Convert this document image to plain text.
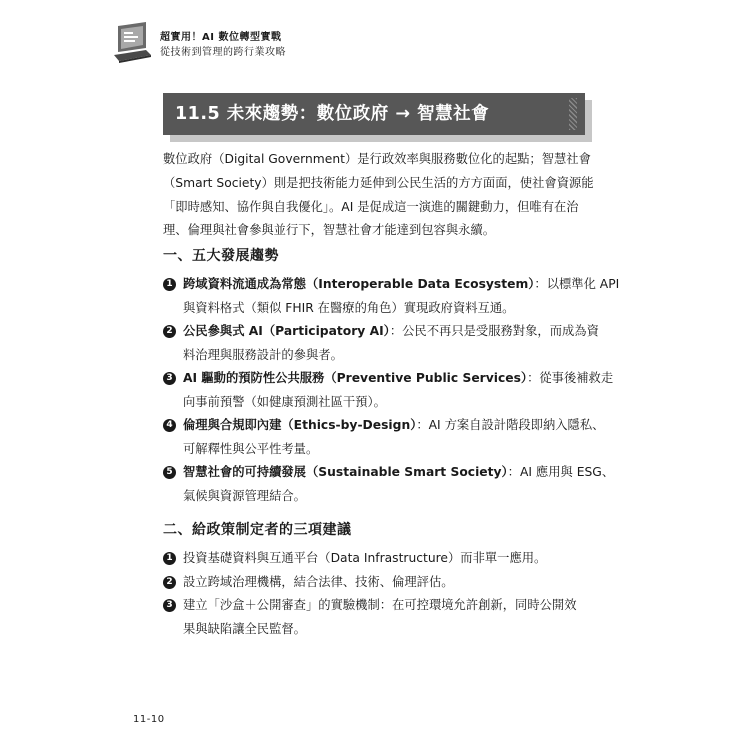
超實用！AI 數位轉型實戰
從技術到管理的跨行業攻略
11.5 未來趨勢：數位政府 → 智慧社會
數位政府（Digital Government）是行政效率與服務數位化的起點；智慧社會
（Smart Society）則是把技術能力延伸到公民生活的方方面面，使社會資源能
「即時感知、協作與自我優化」。AI 是促成這一演進的關鍵動力，但唯有在治
理、倫理與社會參與並行下，智慧社會才能達到包容與永續。
一、五大發展趨勢
1 跨域資料流通成為常態（Interoperable Data Ecosystem）：以標準化 API
與資料格式（類似 FHIR 在醫療的角色）實現政府資料互通。
2 公民參與式 AI（Participatory AI）：公民不再只是受服務對象，而成為資
料治理與服務設計的參與者。
3 AI 驅動的預防性公共服務（Preventive Public Services）：從事後補救走
向事前預警（如健康預測社區干預）。
4 倫理與合規即內建（Ethics-by-Design）：AI 方案自設計階段即納入隱私、
可解釋性與公平性考量。
5 智慧社會的可持續發展（Sustainable Smart Society）：AI 應用與 ESG、
氣候與資源管理結合。
二、給政策制定者的三項建議
1 投資基礎資料與互通平台（Data Infrastructure）而非單一應用。
2 設立跨域治理機構，結合法律、技術、倫理評估。
3 建立「沙盒＋公開審查」的實驗機制：在可控環境允許創新，同時公開效
果與缺陷讓全民監督。
11-10
